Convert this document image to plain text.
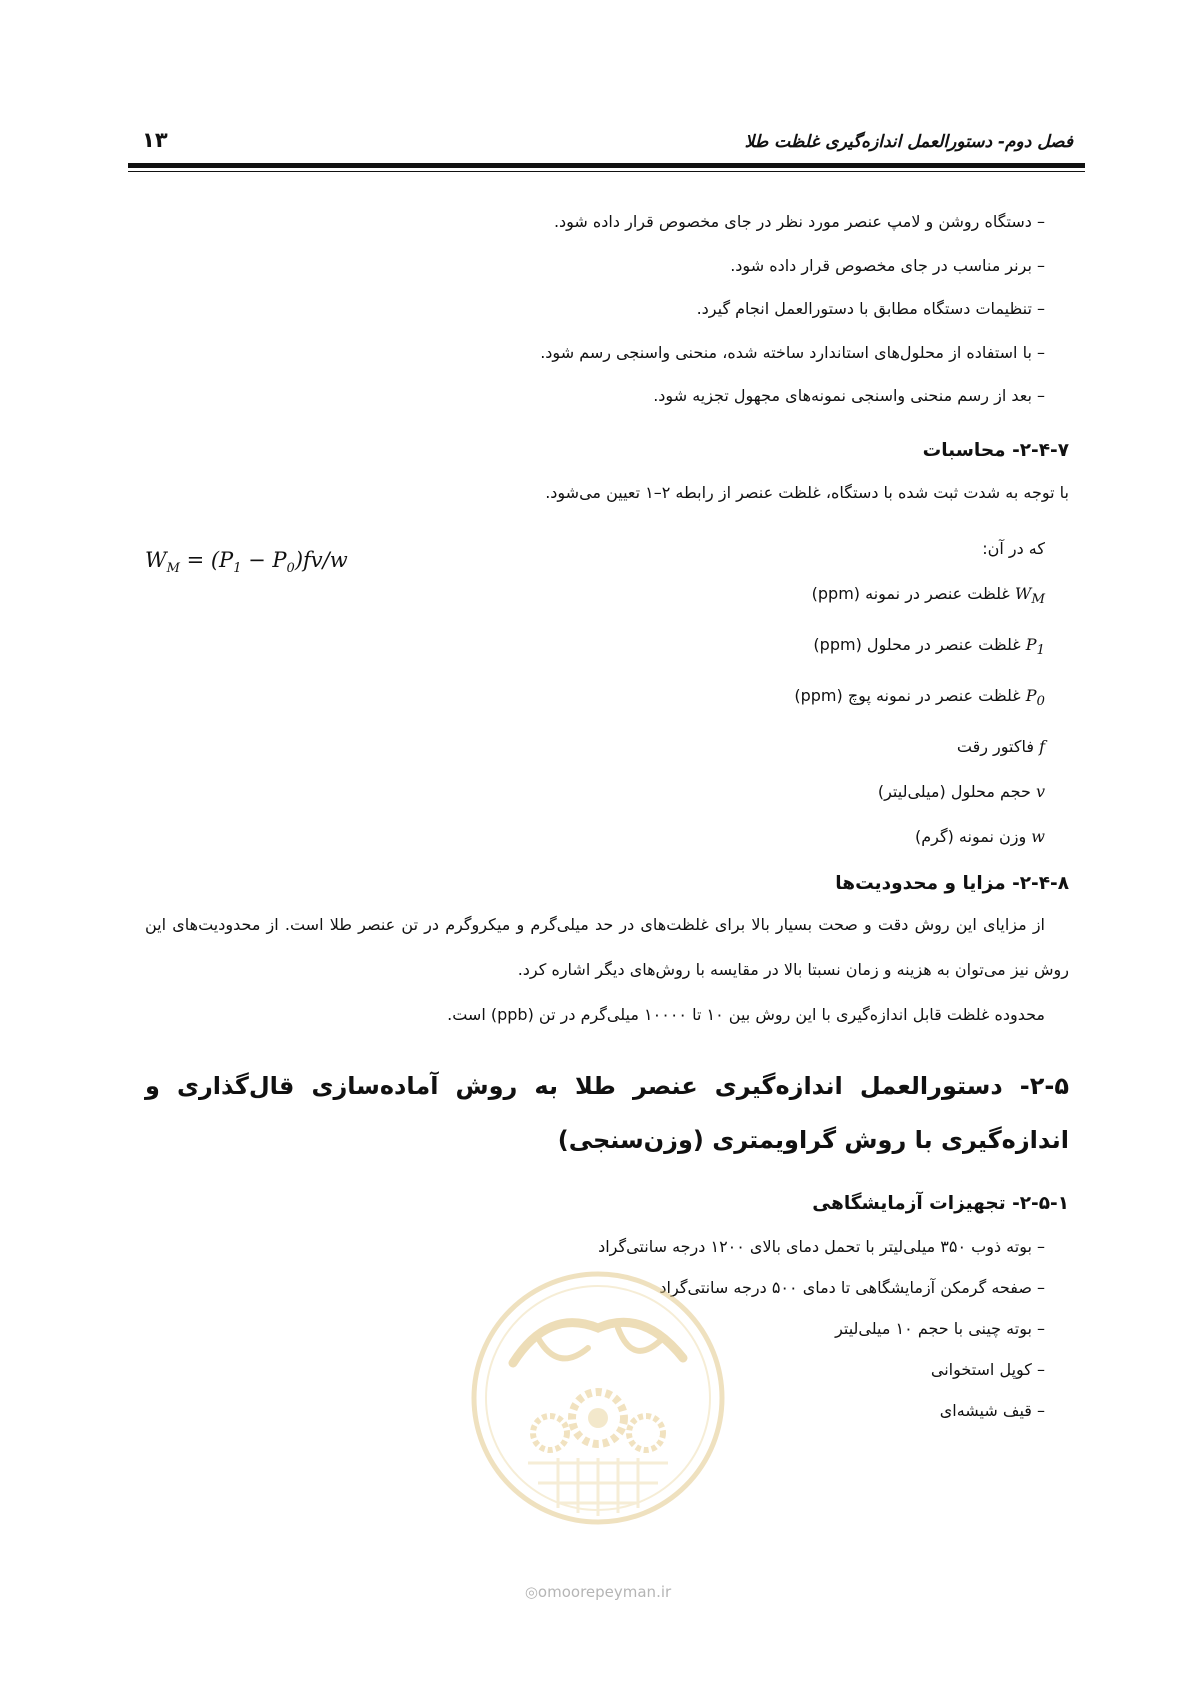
فصل دوم- دستورالعمل اندازه‌گیری غلظت طلا
۱۳
$W_M = (P_1 - P_0)fv/w$

– دستگاه روشن و لامپ عنصر مورد نظر در جای مخصوص قرار داده شود.

– برنر مناسب در جای مخصوص قرار داده شود.

– تنظیمات دستگاه مطابق با دستورالعمل انجام گیرد.

– با استفاده از محلول‌های استاندارد ساخته شده، منحنی واسنجی رسم شود.

– بعد از رسم منحنی واسنجی نمونه‌های مجهول تجزیه شود.

۲-۴-۷- محاسبات
با توجه به شدت ثبت شده با دستگاه، غلظت عنصر از رابطه ۲–۱ تعیین می‌شود.
که در آن:
$W_M$ غلظت عنصر در نمونه (ppm)
$P_1$ غلظت عنصر در محلول (ppm)
$P_0$ غلظت عنصر در نمونه پوچ (ppm)
f فاکتور رقت
v حجم محلول (میلی‌لیتر)
w وزن نمونه (گرم)
۲-۴-۸- مزایا و محدودیت‌ها

از مزایای این روش دقت و صحت بسیار بالا برای غلظت‌های در حد میلی‌گرم و میکروگرم در تن عنصر طلا است. از محدودیت‌های این روش نیز می‌توان به هزینه و زمان نسبتا بالا در مقایسه با روش‌های دیگر اشاره کرد.

محدوده غلظت قابل اندازه‌گیری با این روش بین ۱۰ تا ۱۰۰۰۰ میلی‌گرم در تن (ppb) است.

۲-۵- دستورالعمل اندازه‌گیری عنصر طلا به روش آماده‌سازی قال‌گذاری و اندازه‌گیری با روش گراویمتری (وزن‌سنجی)
۲-۵-۱- تجهیزات آزمایشگاهی

– بوته ذوب ۳۵۰ میلی‌لیتر با تحمل دمای بالای ۱۲۰۰ درجه سانتی‌گراد

– صفحه گرمکن آزمایشگاهی تا دمای ۵۰۰ درجه سانتی‌گراد

– بوته چینی با حجم ۱۰ میلی‌لیتر

– کوپل استخوانی

– قیف شیشه‌ای

◎omoorepeyman.ir
